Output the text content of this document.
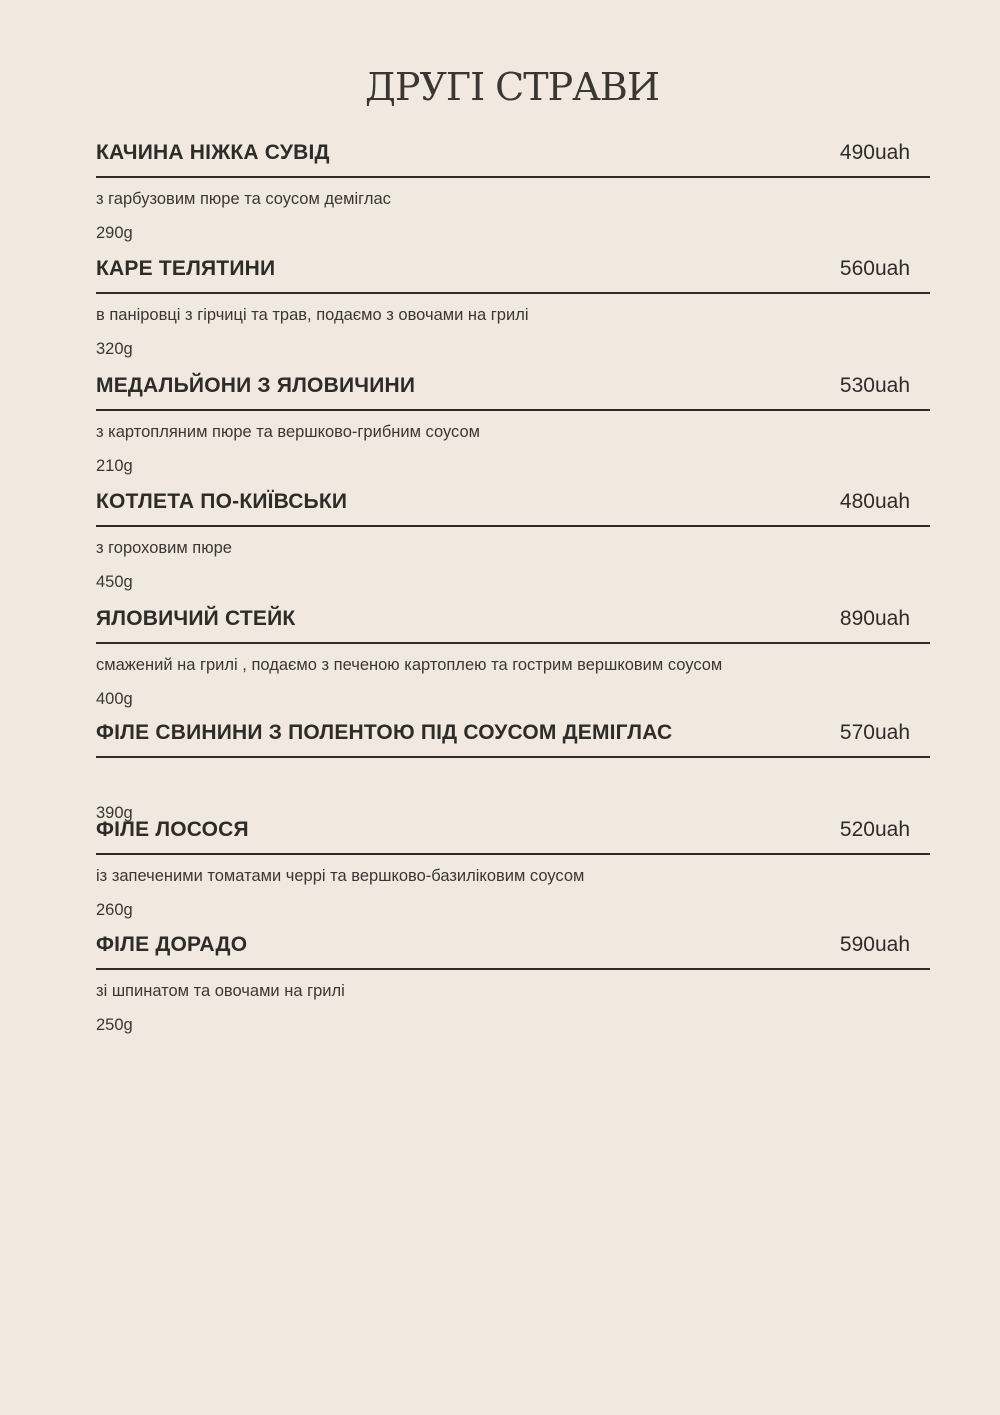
ДРУГІ СТРАВИ
КАЧИНА НІЖКА СУВІД	490uah
з гарбузовим пюре та соусом деміглас
290g
КАРЕ ТЕЛЯТИНИ	560uah
в паніровці з гірчиці та трав, подаємо з овочами на грилі
320g
МЕДАЛЬЙОНИ З ЯЛОВИЧИНИ	530uah
з картопляним пюре та вершково-грибним соусом
210g
КОТЛЕТА ПО-КИЇВСЬКИ	480uah
з гороховим пюре
450g
ЯЛОВИЧИЙ СТЕЙК	890uah
смажений на грилі , подаємо з печеною картоплею та гострим вершковим соусом
400g
ФІЛЕ СВИНИНИ З ПОЛЕНТОЮ ПІД СОУСОМ ДЕМІГЛАС	570uah
390g
ФІЛЕ ЛОСОСЯ	520uah
із запеченими томатами черрі та вершково-базиліковим соусом
260g
ФІЛЕ ДОРАДО	590uah
зі шпинатом та овочами на грилі
250g
